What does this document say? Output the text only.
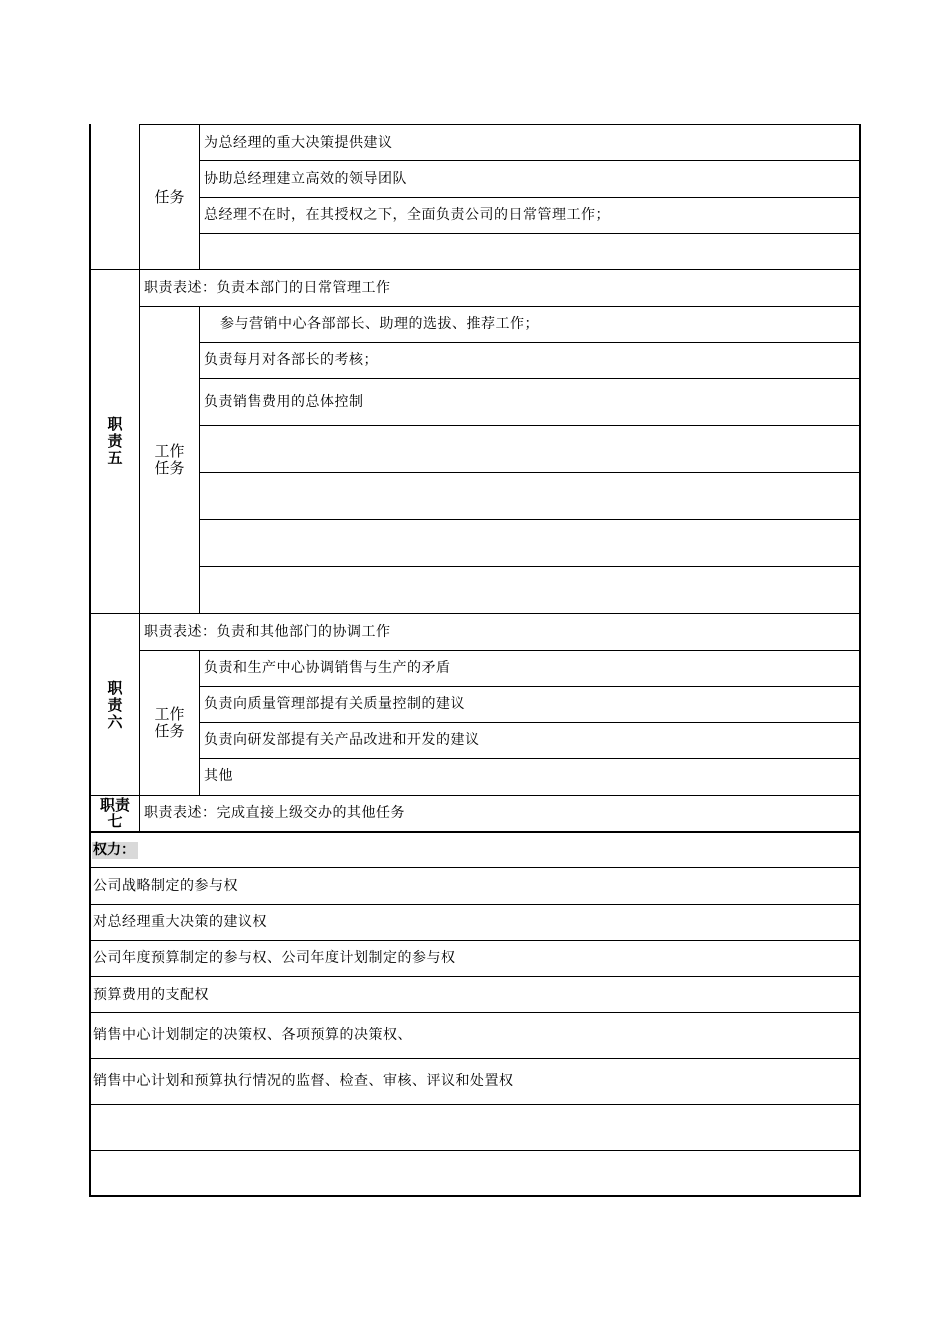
任务
为总经理的重大决策提供建议
协助总经理建立高效的领导团队
总经理不在时，在其授权之下，全面负责公司的日常管理工作；
职
责
五
职责表述：负责本部门的日常管理工作
工作
任务
参与营销中心各部部长、助理的选拔、推荐工作；
负责每月对各部长的考核；
负责销售费用的总体控制
职
责
六
职责表述：负责和其他部门的协调工作
工作
任务
负责和生产中心协调销售与生产的矛盾
负责向质量管理部提有关质量控制的建议
负责向研发部提有关产品改进和开发的建议
其他
职责
七	职责表述：完成直接上级交办的其他任务
权力：
公司战略制定的参与权
对总经理重大决策的建议权
公司年度预算制定的参与权、公司年度计划制定的参与权
预算费用的支配权
销售中心计划制定的决策权、各项预算的决策权、
销售中心计划和预算执行情况的监督、检查、审核、评议和处置权
